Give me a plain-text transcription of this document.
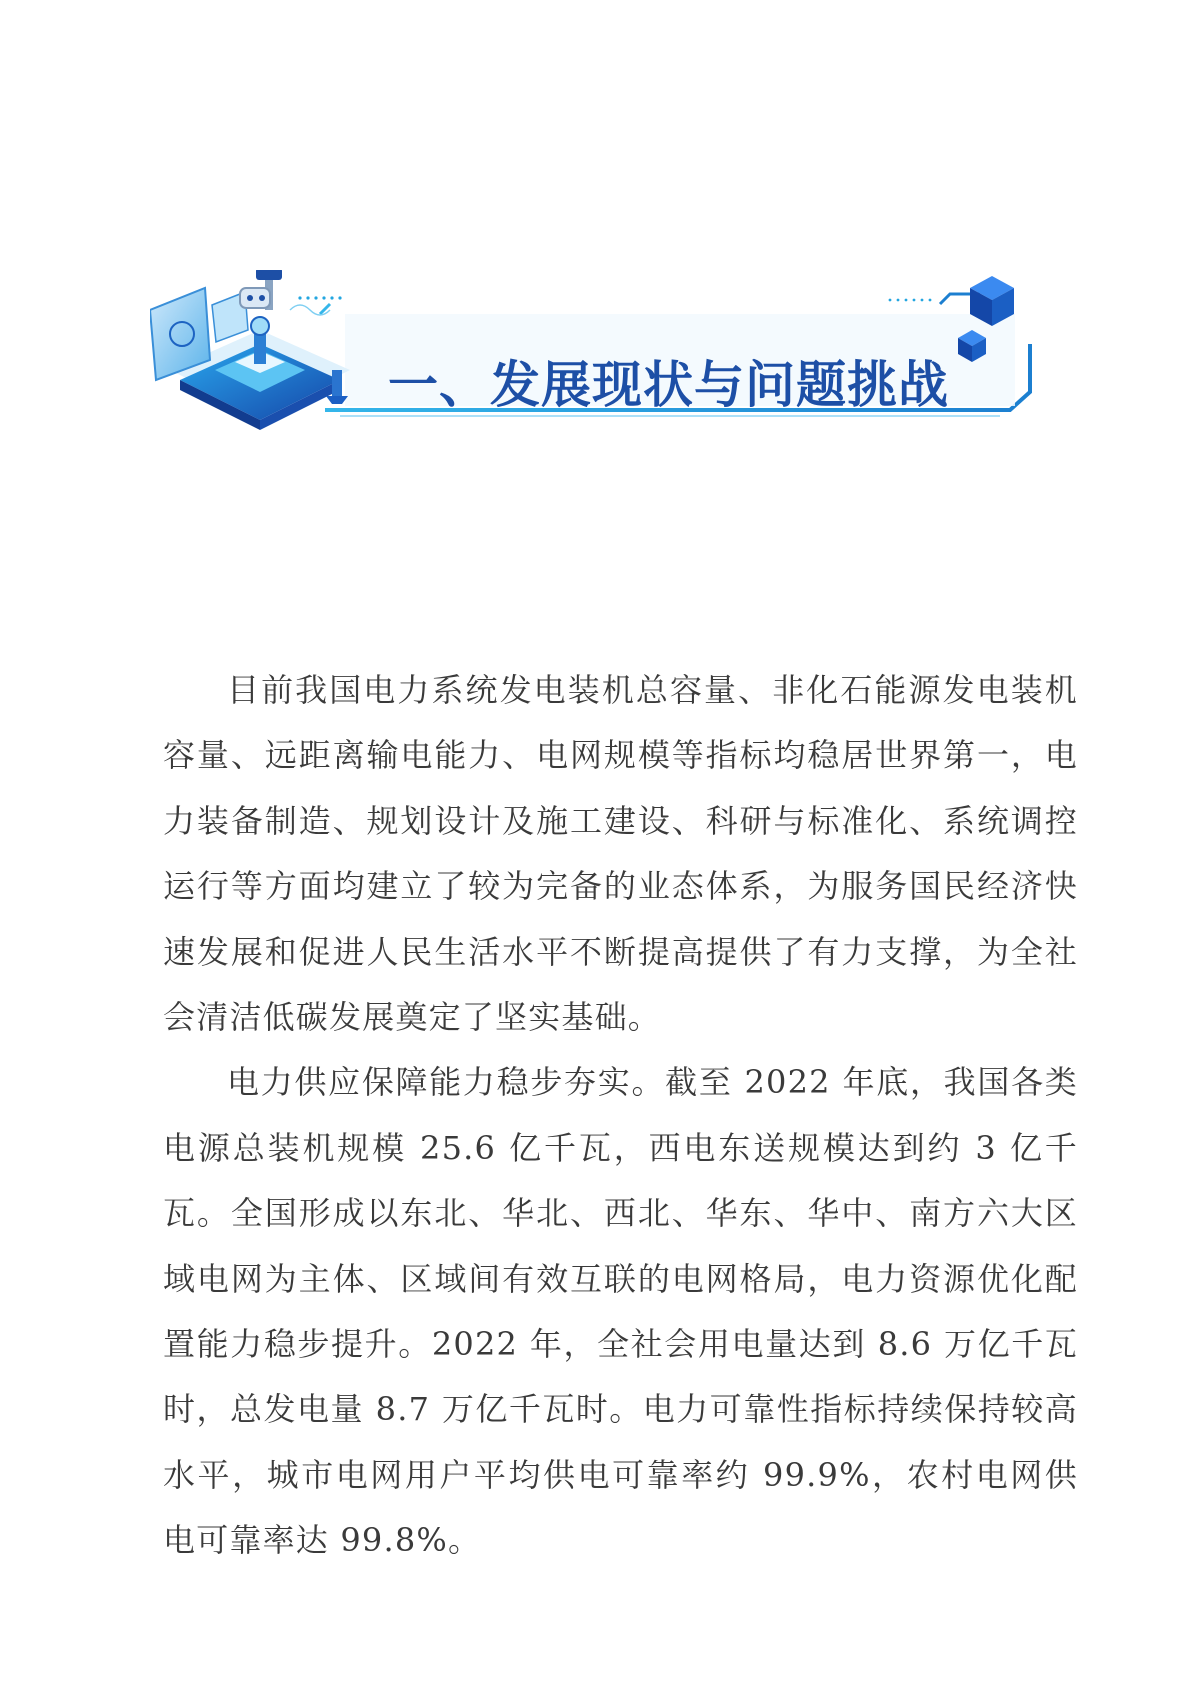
一、发展现状与问题挑战

目前我国电力系统发电装机总容量、非化石能源发电装机容量、远距离输电能力、电网规模等指标均稳居世界第一，电力装备制造、规划设计及施工建设、科研与标准化、系统调控运行等方面均建立了较为完备的业态体系，为服务国民经济快速发展和促进人民生活水平不断提高提供了有力支撑，为全社会清洁低碳发展奠定了坚实基础。

电力供应保障能力稳步夯实。截至 2022 年底，我国各类电源总装机规模 25.6 亿千瓦，西电东送规模达到约 3 亿千瓦。全国形成以东北、华北、西北、华东、华中、南方六大区域电网为主体、区域间有效互联的电网格局，电力资源优化配置能力稳步提升。2022 年，全社会用电量达到 8.6 万亿千瓦时，总发电量 8.7 万亿千瓦时。电力可靠性指标持续保持较高水平，城市电网用户平均供电可靠率约 99.9%，农村电网供电可靠率达 99.8%。
